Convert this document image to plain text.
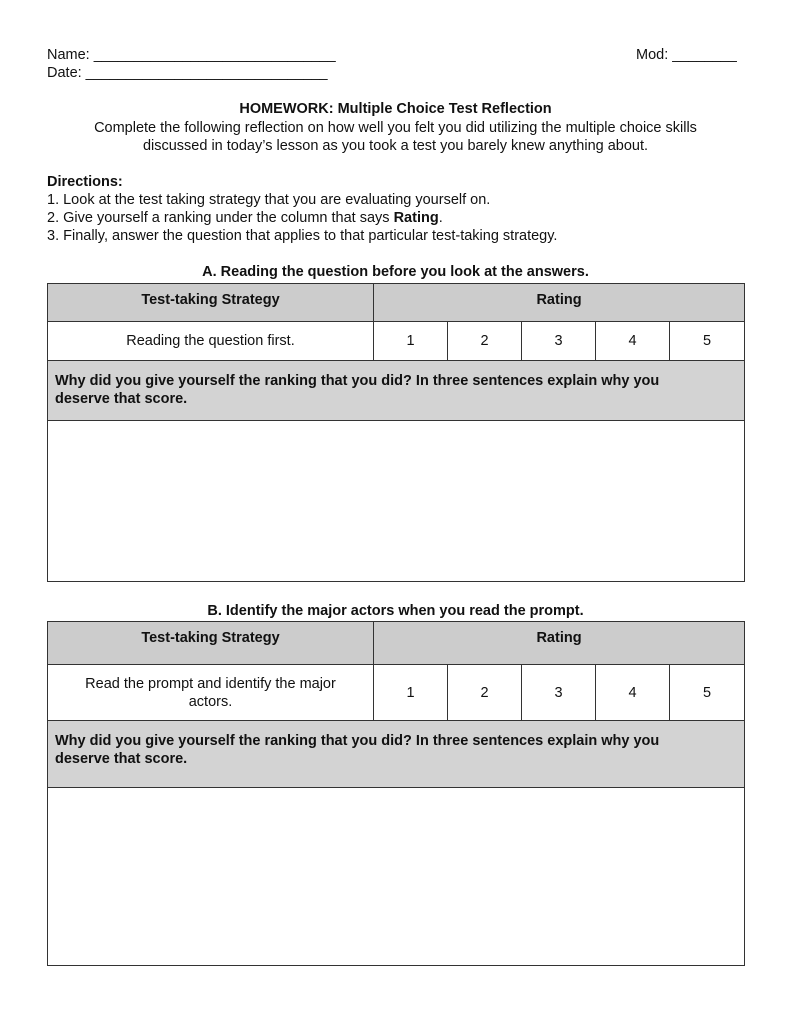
Name: ______________________________
Date: ______________________________
Mod: ________
HOMEWORK: Multiple Choice Test Reflection
Complete the following reflection on how well you felt you did utilizing the multiple choice skills
discussed in today’s lesson as you took a test you barely knew anything about.
Directions:
1. Look at the test taking strategy that you are evaluating yourself on.
2. Give yourself a ranking under the column that says Rating.
3. Finally, answer the question that applies to that particular test-taking strategy.
A. Reading the question before you look at the answers.
Test-taking Strategy	Rating				

Reading the question first.	1	2	3	4	5

Why did you give yourself the ranking that you did? In three sentences explain why you
deserve that score.					

B. Identify the major actors when you read the prompt.
Test-taking Strategy	Rating				

Read the prompt and identify the major
actors.	1	2	3	4	5

Why did you give yourself the ranking that you did? In three sentences explain why you
deserve that score.					
